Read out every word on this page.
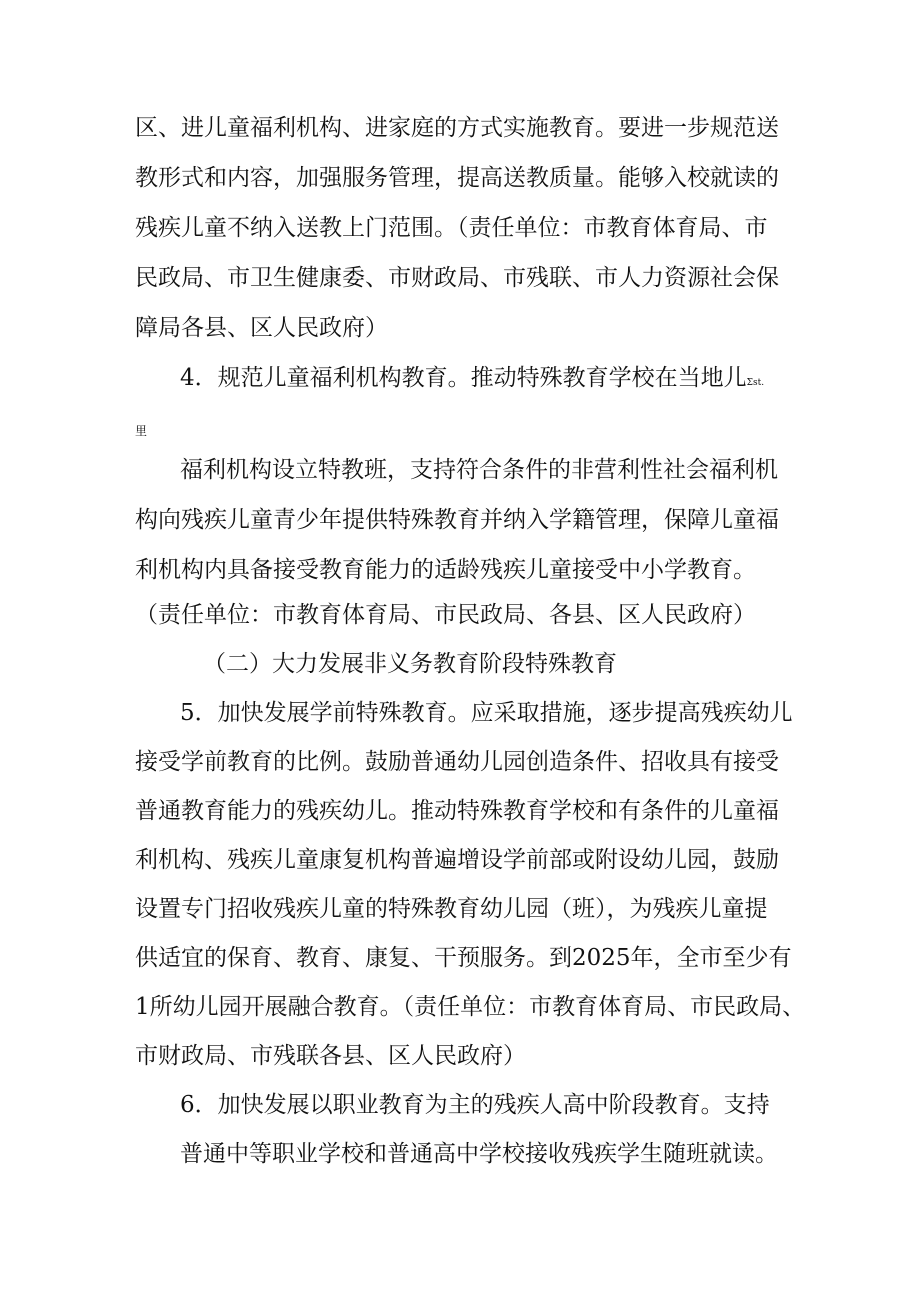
区、进儿童福利机构、进家庭的方式实施教育。要进一步规范送
教形式和内容，加强服务管理，提高送教质量。能够入校就读的
残疾儿童不纳入送教上门范围。（责任单位：市教育体育局、市
民政局、市卫生健康委、市财政局、市残联、市人力资源社会保
障局各县、区人民政府）
4．规范儿童福利机构教育。推动特殊教育学校在当地儿Σst.
里
福利机构设立特教班，支持符合条件的非营利性社会福利机
构向残疾儿童青少年提供特殊教育并纳入学籍管理，保障儿童福
利机构内具备接受教育能力的适龄残疾儿童接受中小学教育。
（责任单位：市教育体育局、市民政局、各县、区人民政府）
（二）大力发展非义务教育阶段特殊教育
5．加快发展学前特殊教育。应采取措施，逐步提高残疾幼儿
接受学前教育的比例。鼓励普通幼儿园创造条件、招收具有接受
普通教育能力的残疾幼儿。推动特殊教育学校和有条件的儿童福
利机构、残疾儿童康复机构普遍增设学前部或附设幼儿园，鼓励
设置专门招收残疾儿童的特殊教育幼儿园（班），为残疾儿童提
供适宜的保育、教育、康复、干预服务。到2025年，全市至少有
1所幼儿园开展融合教育。（责任单位：市教育体育局、市民政局、
市财政局、市残联各县、区人民政府）
6．加快发展以职业教育为主的残疾人高中阶段教育。支持
普通中等职业学校和普通高中学校接收残疾学生随班就读。
